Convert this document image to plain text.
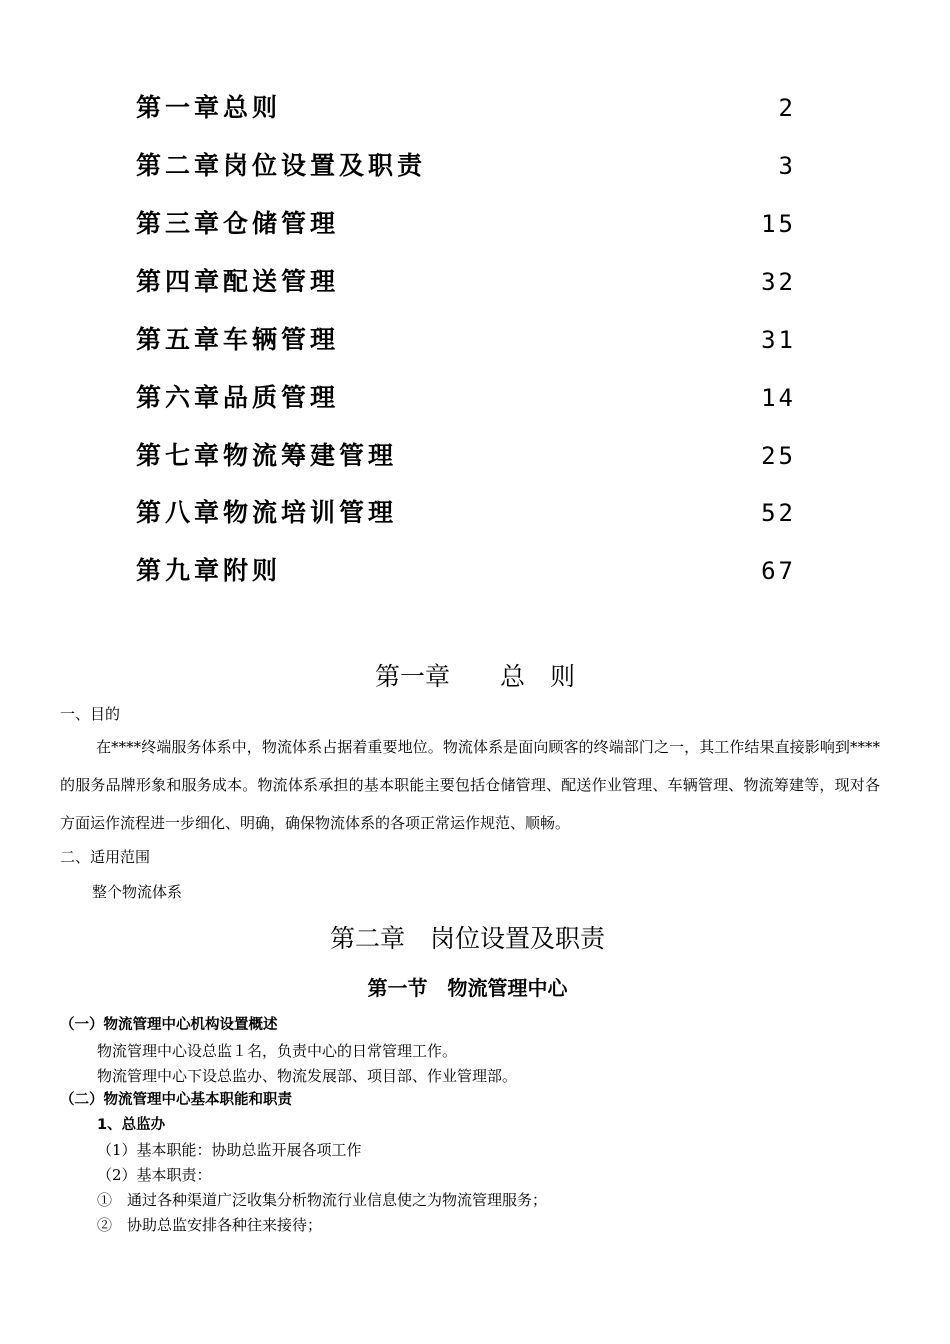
第一章总则	2
第二章岗位设置及职责	3
第三章仓储管理	15
第四章配送管理	32
第五章车辆管理	31
第六章品质管理	14
第七章物流筹建管理	25
第八章物流培训管理	52
第九章附则	67
第一章　　总　则
一、目的
在****终端服务体系中，物流体系占据着重要地位。物流体系是面向顾客的终端部门之一，其工作结果直接影响到****的服务品牌形象和服务成本。物流体系承担的基本职能主要包括仓储管理、配送作业管理、车辆管理、物流筹建等，现对各方面运作流程进一步细化、明确，确保物流体系的各项正常运作规范、顺畅。
二、适用范围
整个物流体系
第二章　岗位设置及职责
第一节　物流管理中心
（一）物流管理中心机构设置概述
物流管理中心设总监１名，负责中心的日常管理工作。
物流管理中心下设总监办、物流发展部、项目部、作业管理部。
（二）物流管理中心基本职能和职责
1、总监办
（1）基本职能：协助总监开展各项工作
（2）基本职责：
①　通过各种渠道广泛收集分析物流行业信息使之为物流管理服务；
②　协助总监安排各种往来接待；
